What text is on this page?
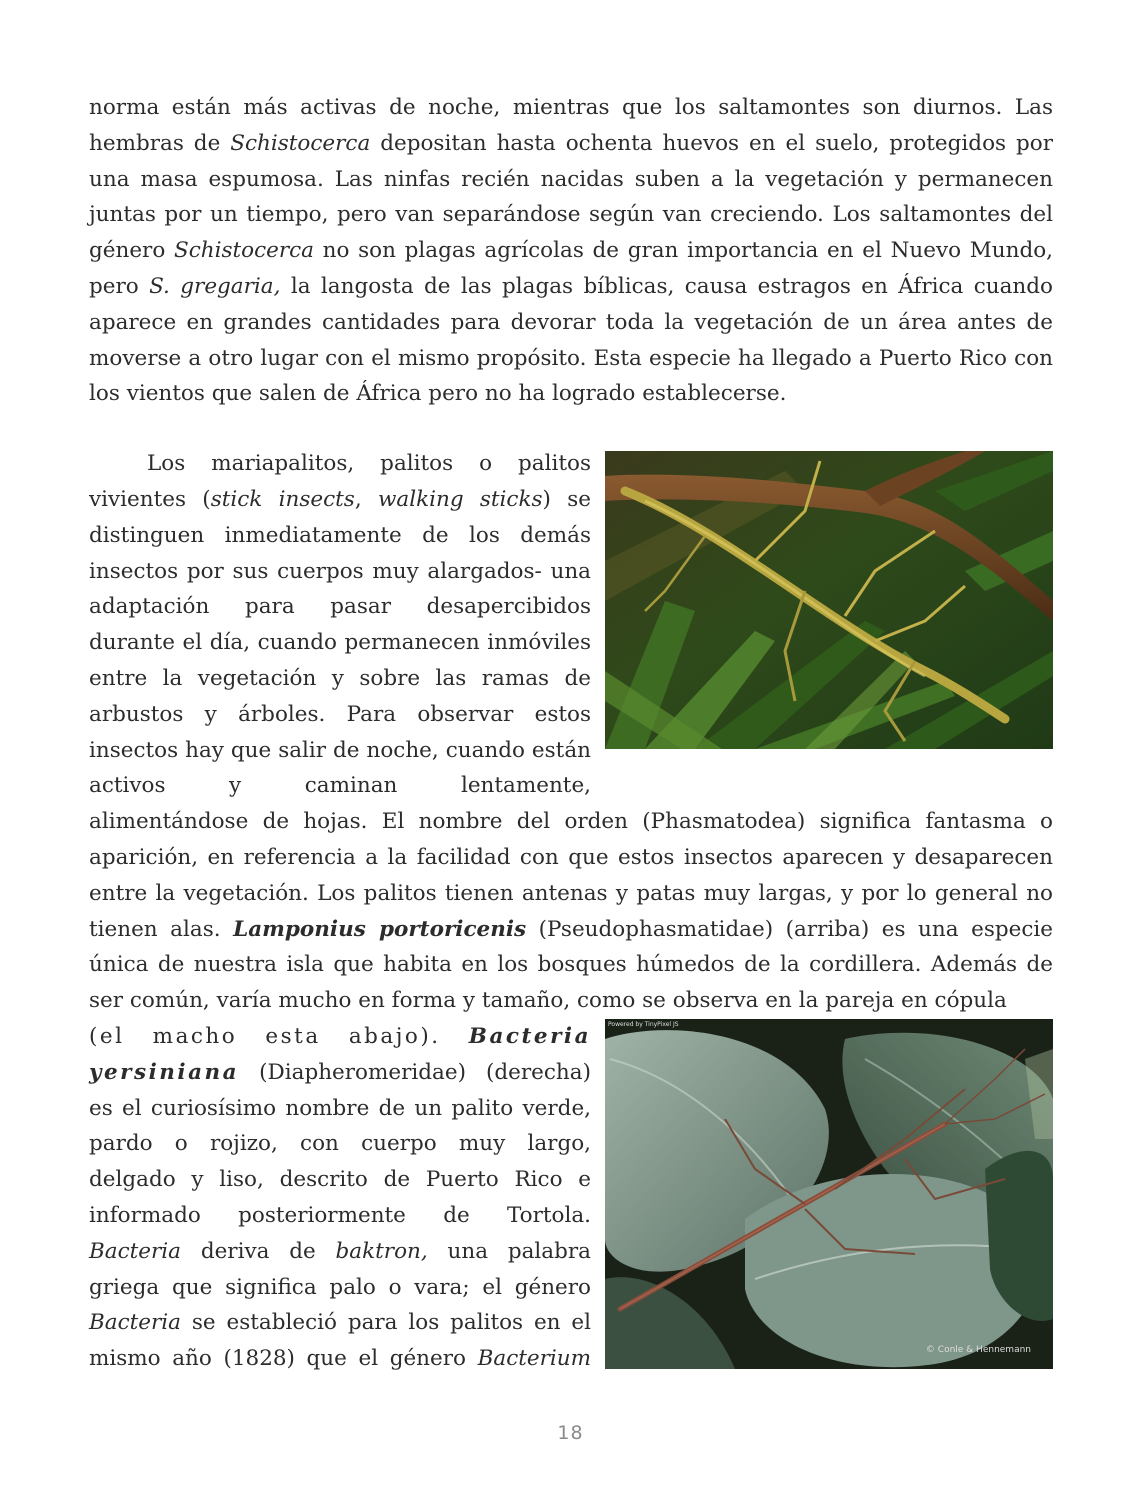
norma están más activas de noche, mientras que los saltamontes son diurnos. Las hembras de Schistocerca depositan hasta ochenta huevos en el suelo, protegidos por una masa espumosa. Las ninfas recién nacidas suben a la vegetación y permanecen juntas por un tiempo, pero van separándose según van creciendo. Los saltamontes del género Schistocerca no son plagas agrícolas de gran importancia en el Nuevo Mundo, pero S. gregaria, la langosta de las plagas bíblicas, causa estragos en África cuando aparece en grandes cantidades para devorar toda la vegetación de un área antes de moverse a otro lugar con el mismo propósito. Esta especie ha llegado a Puerto Rico con los vientos que salen de África pero no ha logrado establecerse.

Los mariapalitos, palitos o palitos vivientes (stick insects, walking sticks) se distinguen inmediatamente de los demás insectos por sus cuerpos muy alargados- una adaptación para pasar desapercibidos durante el día, cuando permanecen inmóviles entre la vegetación y sobre las ramas de arbustos y árboles. Para observar estos insectos hay que salir de noche, cuando están activos y caminan lentamente,

alimentándose de hojas. El nombre del orden (Phasmatodea) significa fantasma o aparición, en referencia a la facilidad con que estos insectos aparecen y desaparecen entre la vegetación. Los palitos tienen antenas y patas muy largas, y por lo general no tienen alas. Lamponius portoricenis (Pseudophasmatidae) (arriba) es una especie única de nuestra isla que habita en los bosques húmedos de la cordillera. Además de ser común, varía mucho en forma y tamaño, como se observa en la pareja en cópula

Powered by TinyPixel JS
© Conle & Hennemann

(el macho esta abajo). Bacteria yersiniana (Diapheromeridae) (derecha) es el curiosísimo nombre de un palito verde, pardo o rojizo, con cuerpo muy largo, delgado y liso, descrito de Puerto Rico e informado posteriormente de Tortola. Bacteria deriva de baktron, una palabra griega que significa palo o vara; el género Bacteria se estableció para los palitos en el mismo año (1828) que el género Bacterium

18
